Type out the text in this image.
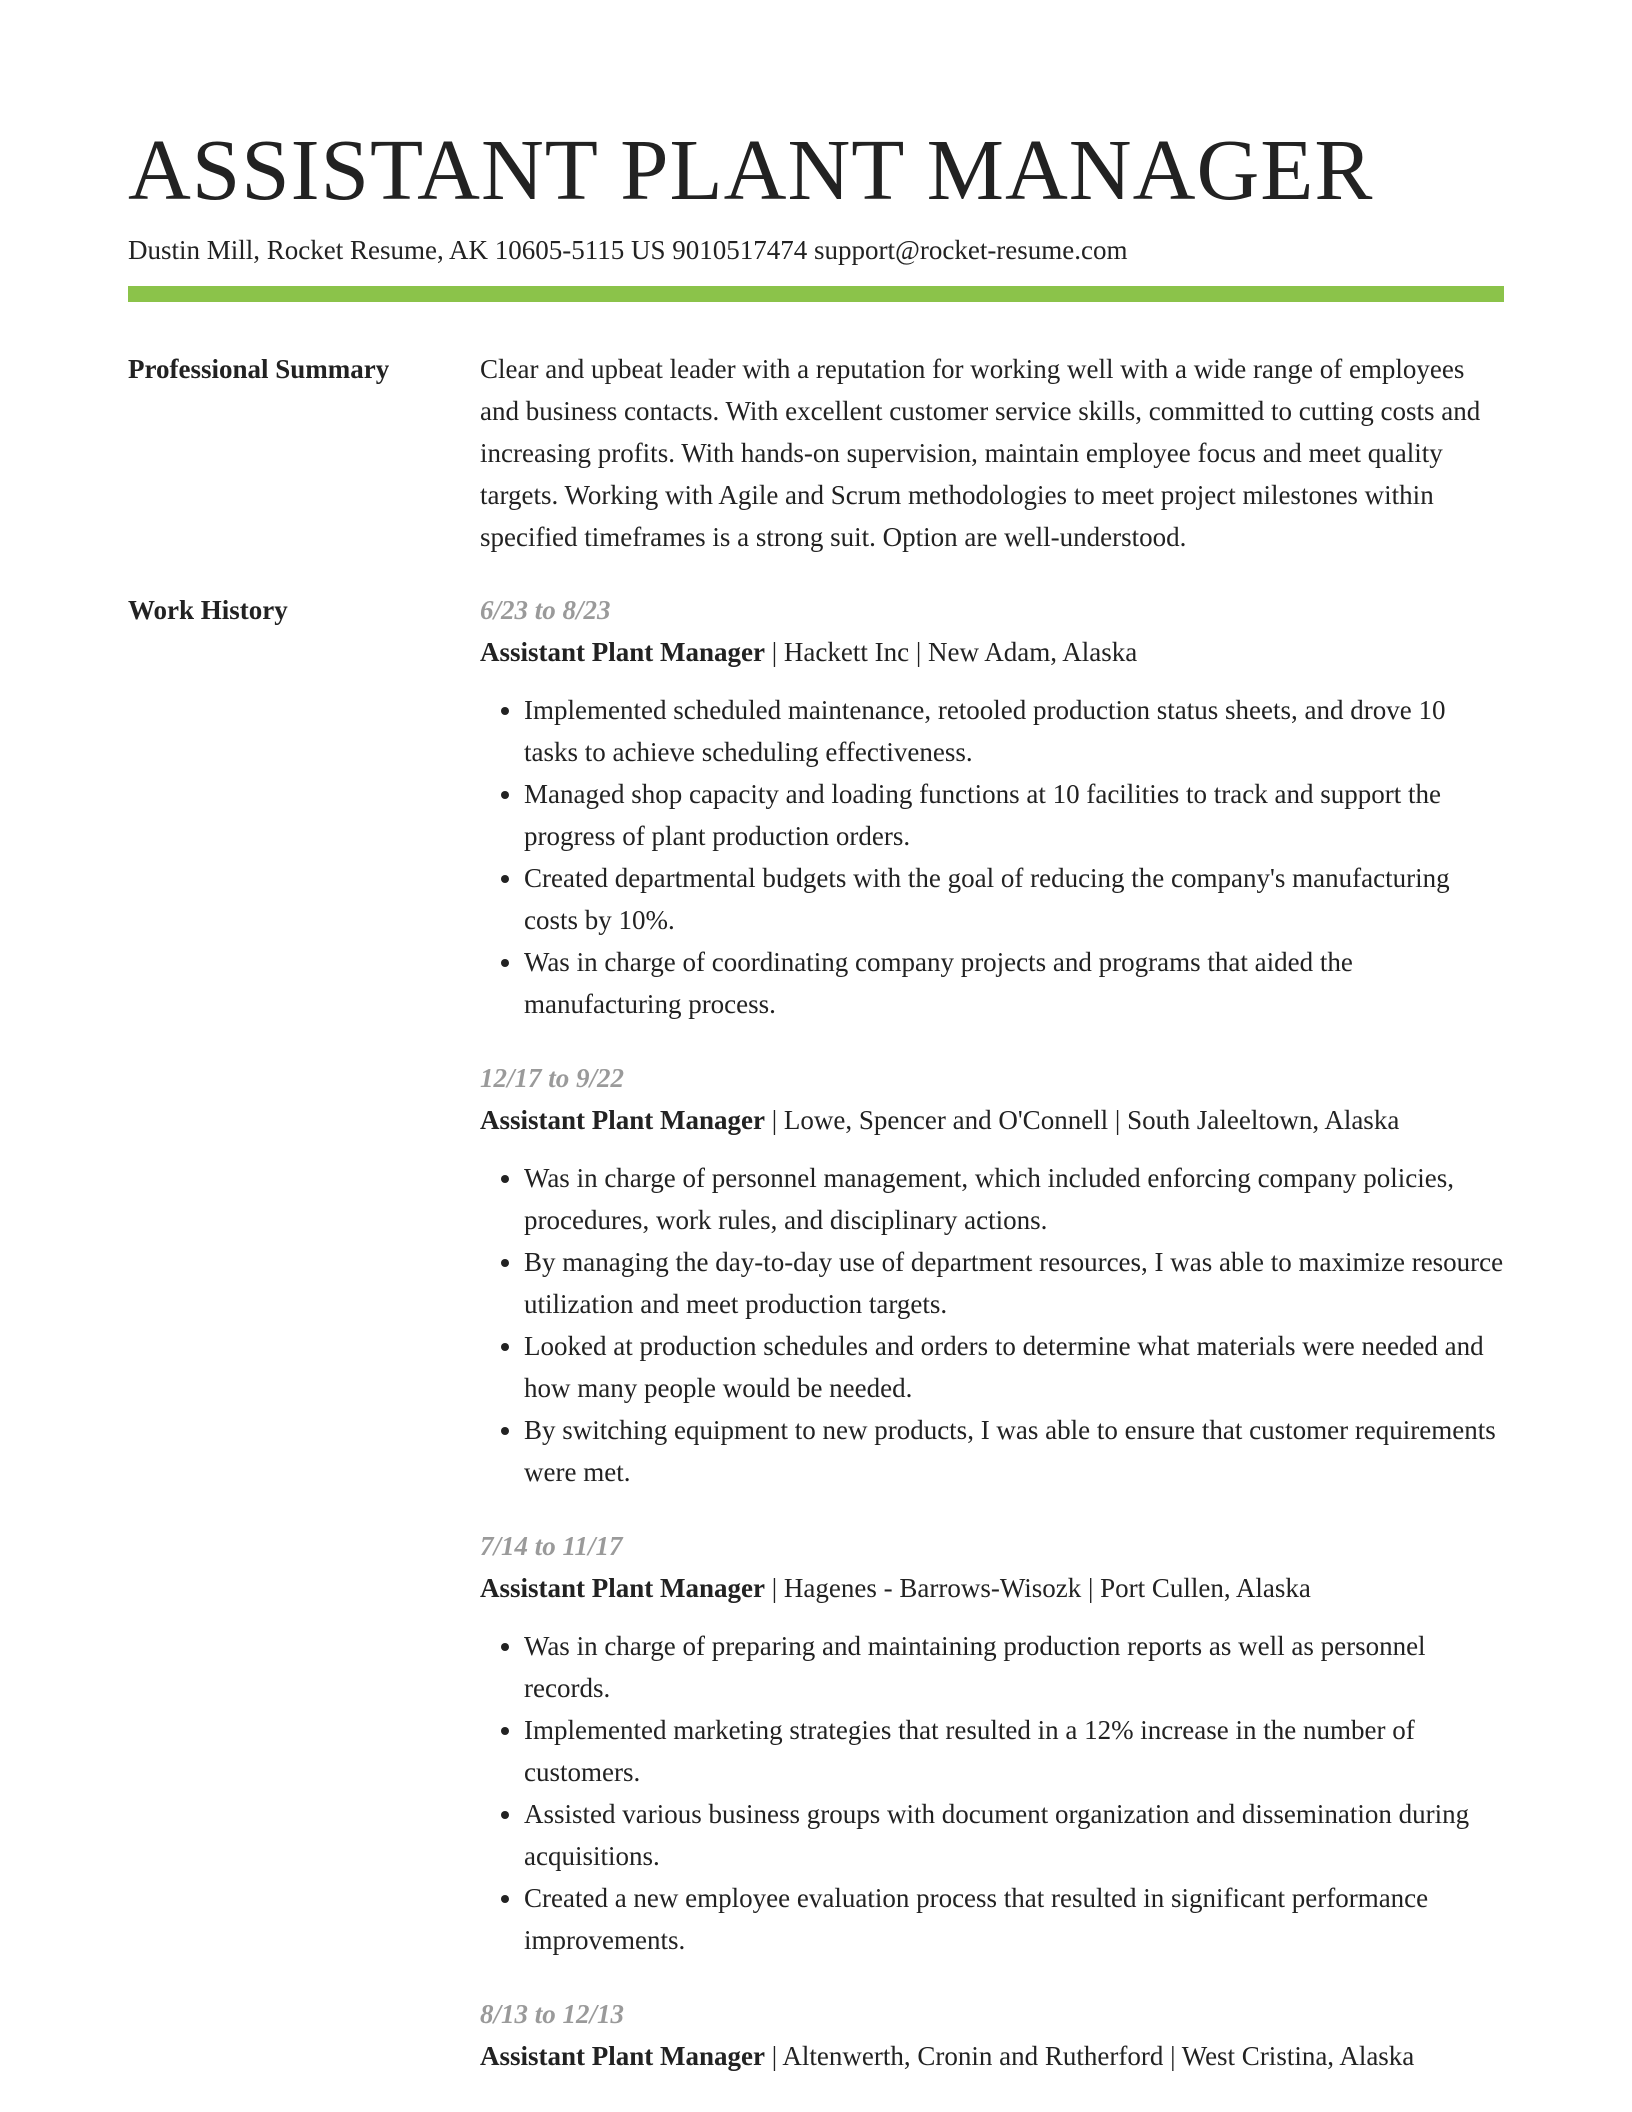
ASSISTANT PLANT MANAGER
Dustin Mill, Rocket Resume, AK 10605-5115 US 9010517474 support@rocket-resume.com
Professional Summary	Clear and upbeat leader with a reputation for working well with a wide range of employees and business contacts. With excellent customer service skills, committed to cutting costs and increasing profits. With hands-on supervision, maintain employee focus and meet quality targets. Working with Agile and Scrum methodologies to meet project milestones within specified timeframes is a strong suit. Option are well-understood.
Work History	6/23 to 8/23
Assistant Plant Manager | Hackett Inc | New Adam, Alaska
• Implemented scheduled maintenance, retooled production status sheets, and drove 10 tasks to achieve scheduling effectiveness.
• Managed shop capacity and loading functions at 10 facilities to track and support the progress of plant production orders.
• Created departmental budgets with the goal of reducing the company's manufacturing costs by 10%.
• Was in charge of coordinating company projects and programs that aided the manufacturing process.
12/17 to 9/22
Assistant Plant Manager | Lowe, Spencer and O'Connell | South Jaleeltown, Alaska
• Was in charge of personnel management, which included enforcing company policies, procedures, work rules, and disciplinary actions.
• By managing the day-to-day use of department resources, I was able to maximize resource utilization and meet production targets.
• Looked at production schedules and orders to determine what materials were needed and how many people would be needed.
• By switching equipment to new products, I was able to ensure that customer requirements were met.
7/14 to 11/17
Assistant Plant Manager | Hagenes - Barrows-Wisozk | Port Cullen, Alaska
• Was in charge of preparing and maintaining production reports as well as personnel records.
• Implemented marketing strategies that resulted in a 12% increase in the number of customers.
• Assisted various business groups with document organization and dissemination during acquisitions.
• Created a new employee evaluation process that resulted in significant performance improvements.
8/13 to 12/13
Assistant Plant Manager | Altenwerth, Cronin and Rutherford | West Cristina, Alaska
